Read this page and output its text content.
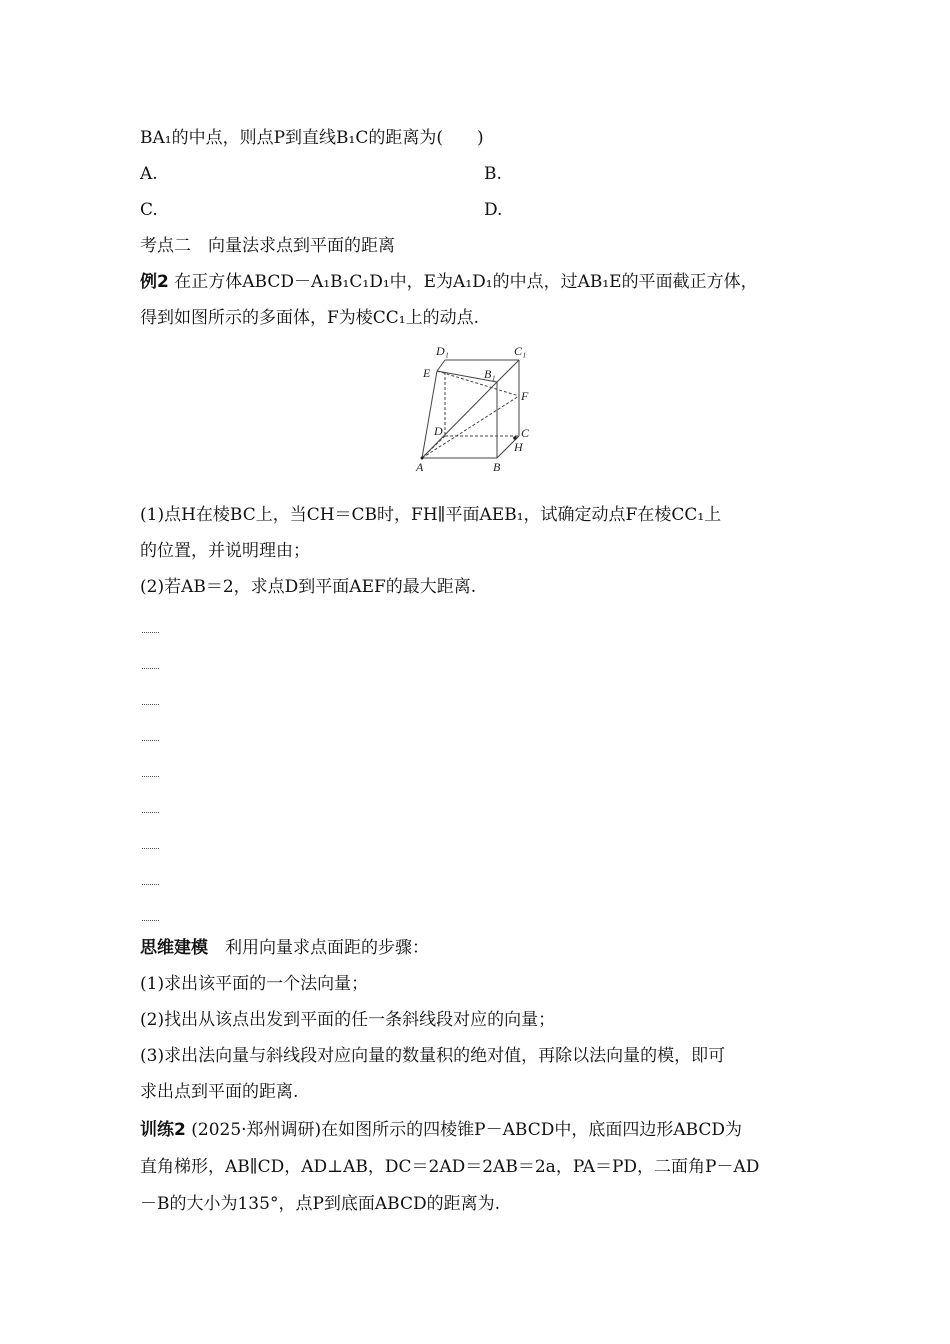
BA₁的中点，则点P到直线B₁C的距离为(　　)
A.	B.
C.	D.
考点二　向量法求点到平面的距离
例2 在正方体ABCD－A₁B₁C₁D₁中，E为A₁D₁的中点，过AB₁E的平面截正方体，
得到如图所示的多面体，F为棱CC₁上的动点.
D₁	C₁
E	B₁
F
D	C
H
A	B
(1)点H在棱BC上，当CH＝CB时，FH∥平面AEB₁，试确定动点F在棱CC₁上
的位置，并说明理由；
(2)若AB＝2，求点D到平面AEF的最大距离.
思维建模　利用向量求点面距的步骤：
(1)求出该平面的一个法向量；
(2)找出从该点出发到平面的任一条斜线段对应的向量；
(3)求出法向量与斜线段对应向量的数量积的绝对值，再除以法向量的模，即可
求出点到平面的距离.
训练2 (2025·郑州调研)在如图所示的四棱锥P－ABCD中，底面四边形ABCD为
直角梯形，AB∥CD，AD⊥AB，DC＝2AD＝2AB＝2a，PA＝PD，二面角P－AD
－B的大小为135°，点P到底面ABCD的距离为.
